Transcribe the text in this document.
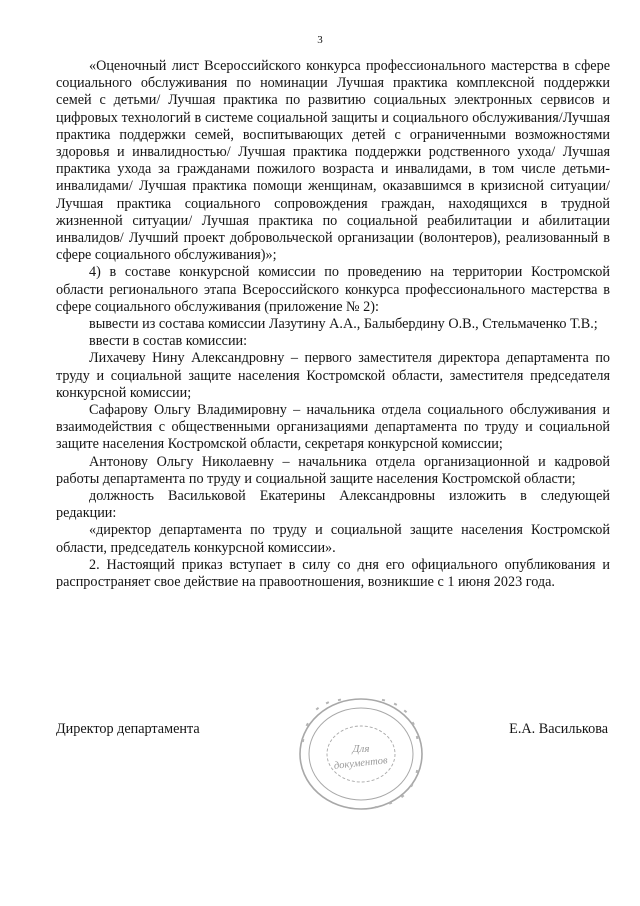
3

«Оценочный лист Всероссийского конкурса профессионального мастерства в сфере социального обслуживания по номинации Лучшая практика комплексной поддержки семей с детьми/ Лучшая практика по развитию социальных электронных сервисов и цифровых технологий в системе социальной защиты и социального обслуживания/Лучшая практика поддержки семей, воспитывающих детей с ограниченными возможностями здоровья и инвалидностью/ Лучшая практика поддержки родственного ухода/ Лучшая практика ухода за гражданами пожилого возраста и инвалидами, в том числе детьми-инвалидами/ Лучшая практика помощи женщинам, оказавшимся в кризисной ситуации/ Лучшая практика социального сопровождения граждан, находящихся в трудной жизненной ситуации/ Лучшая практика по социальной реабилитации и абилитации инвалидов/ Лучший проект добровольческой организации (волонтеров), реализованный в сфере социального обслуживания)»;

4) в составе конкурсной комиссии по проведению на территории Костромской области регионального этапа Всероссийского конкурса профессионального мастерства в сфере социального обслуживания (приложение № 2):

вывести из состава комиссии Лазутину А.А., Балыбердину О.В., Стельмаченко Т.В.;

ввести в состав комиссии:

Лихачеву Нину Александровну – первого заместителя директора департамента по труду и социальной защите населения Костромской области, заместителя председателя конкурсной комиссии;

Сафарову Ольгу Владимировну – начальника отдела социального обслуживания и взаимодействия с общественными организациями департамента по труду и социальной защите населения Костромской области, секретаря конкурсной комиссии;

Антонову Ольгу Николаевну – начальника отдела организационной и кадровой работы департамента по труду и социальной защите населения Костромской области;

должность Васильковой Екатерины Александровны изложить в следующей редакции:

«директор департамента по труду и социальной защите населения Костромской области, председатель конкурсной комиссии».

2. Настоящий приказ вступает в силу со дня его официального опубликования и распространяет свое действие на правоотношения, возникшие с 1 июня 2023 года.

Директор департамента	Е.А. Василькова
Для
документов
